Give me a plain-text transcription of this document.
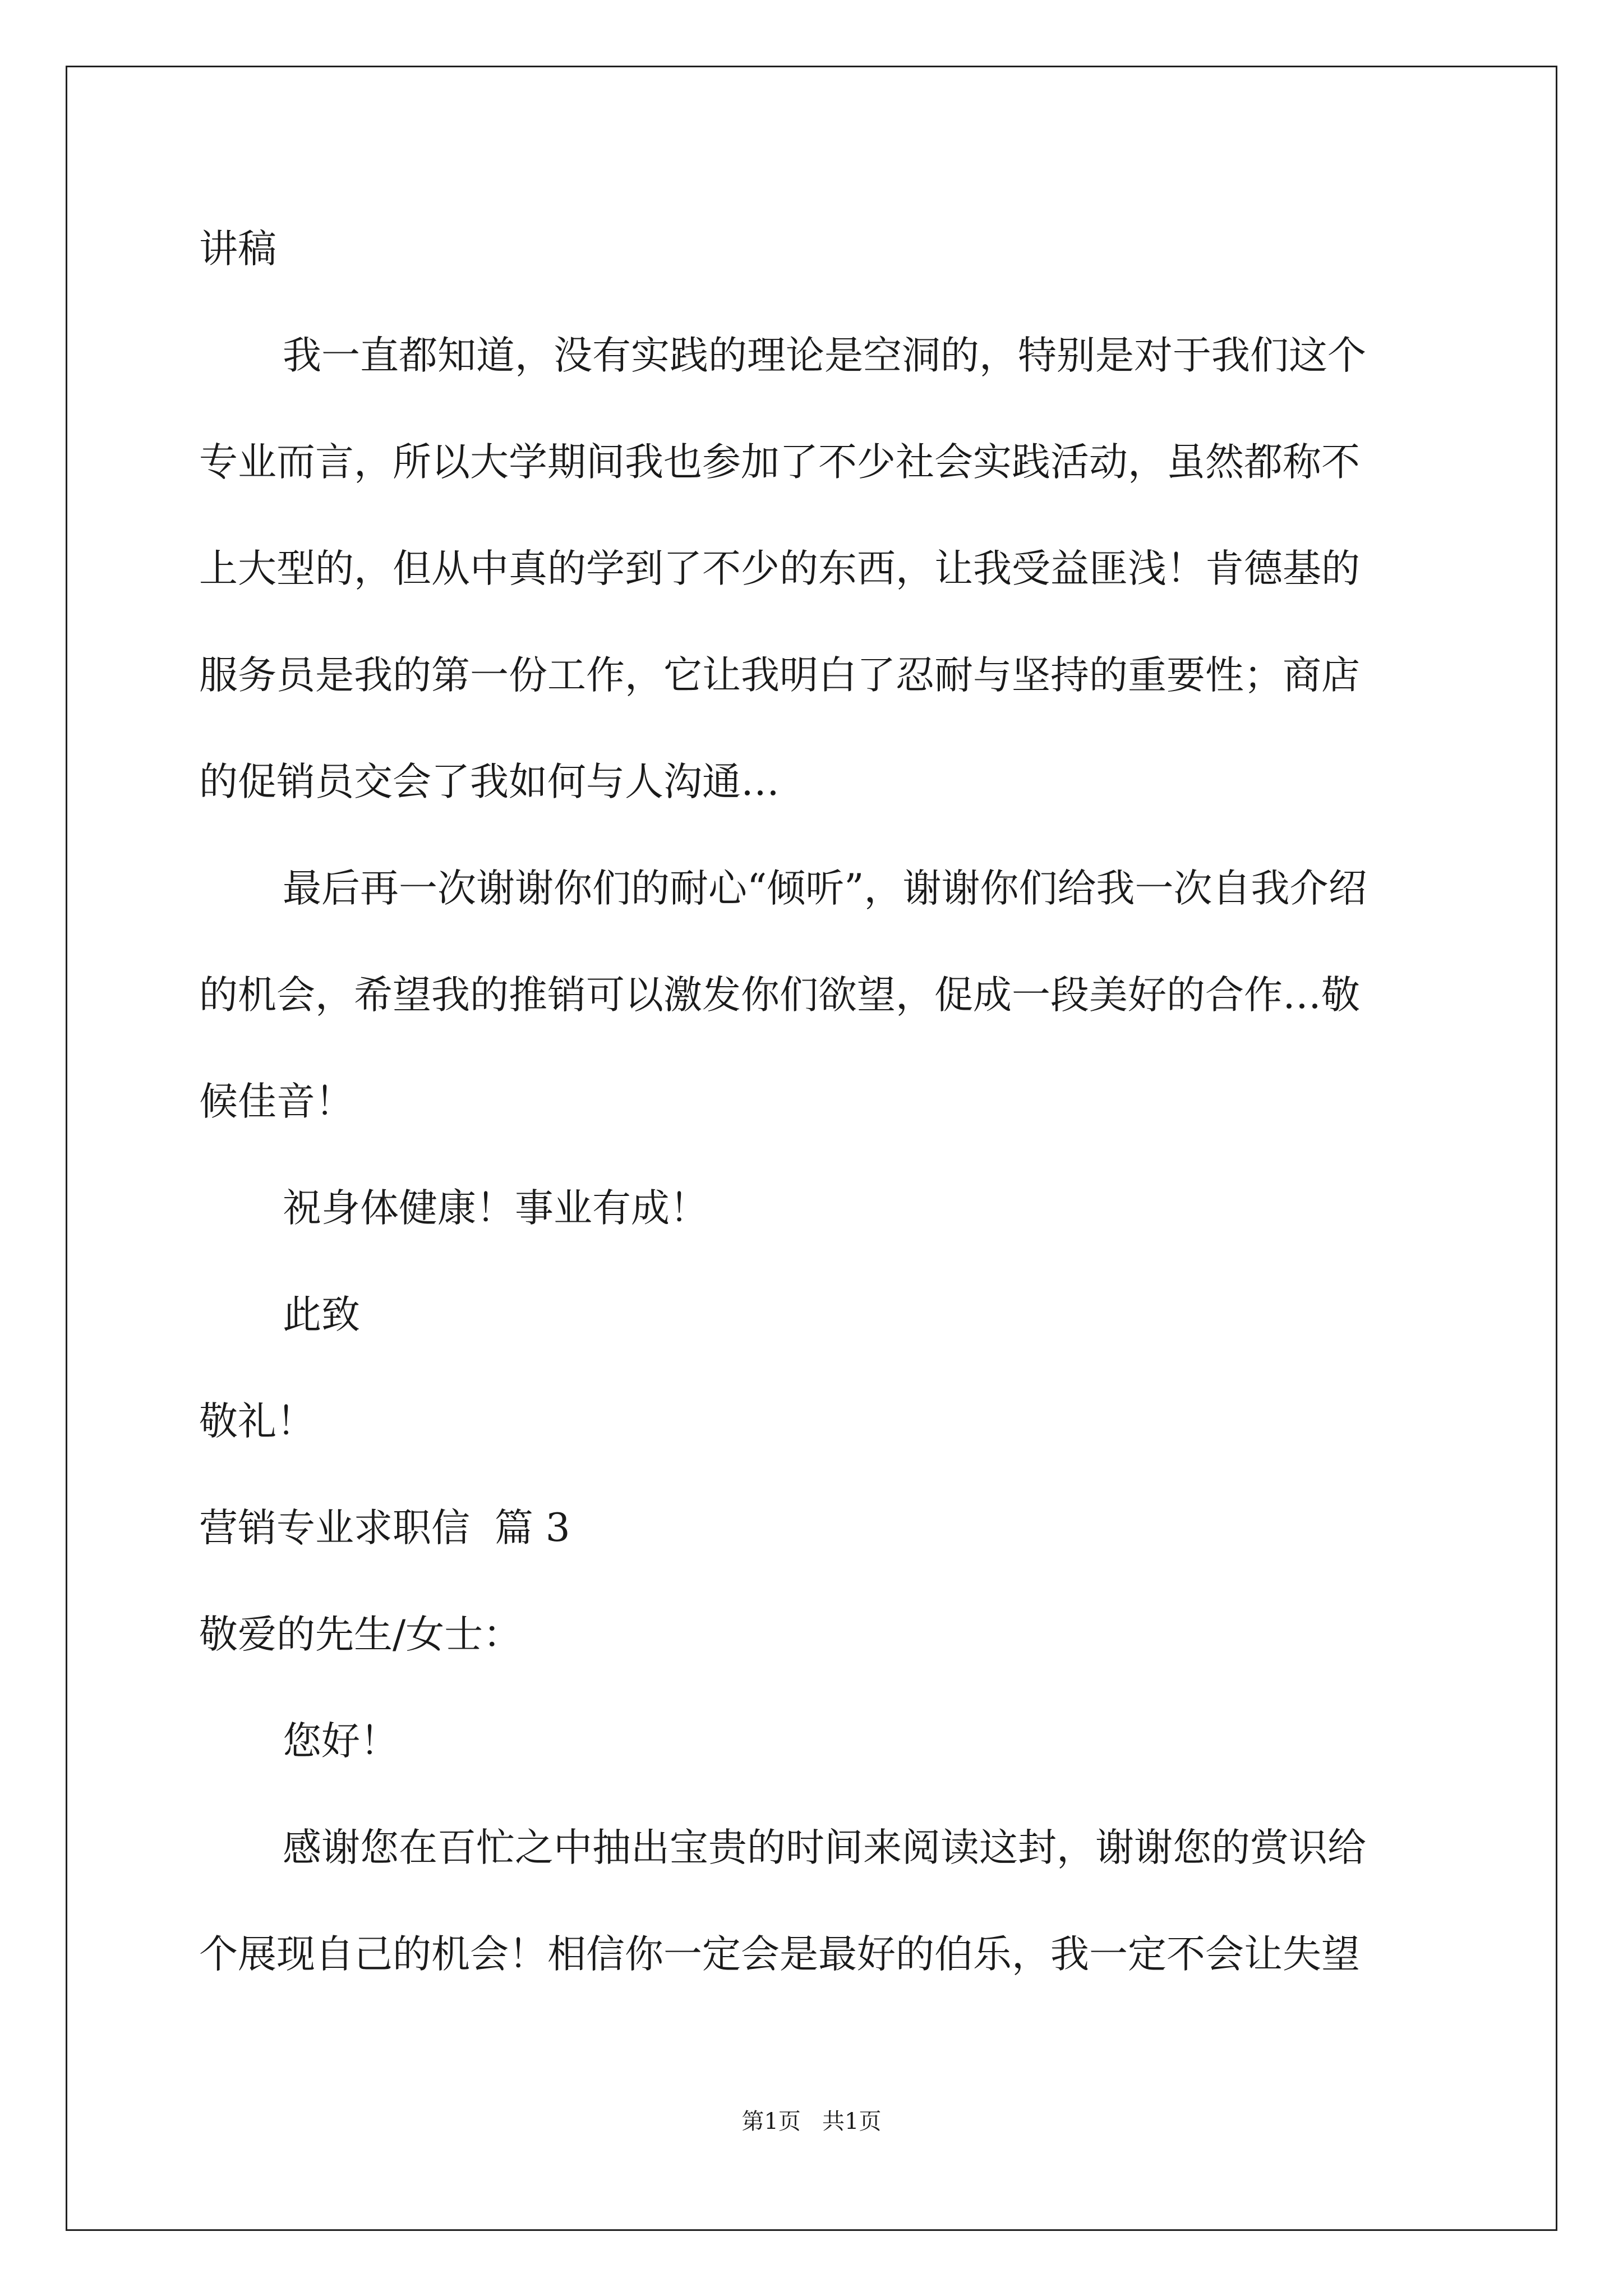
讲稿
我一直都知道，没有实践的理论是空洞的，特别是对于我们这个
专业而言，所以大学期间我也参加了不少社会实践活动，虽然都称不
上大型的，但从中真的学到了不少的东西，让我受益匪浅！肯德基的
服务员是我的第一份工作，它让我明白了忍耐与坚持的重要性；商店
的促销员交会了我如何与人沟通…
最后再一次谢谢你们的耐心“倾听”，谢谢你们给我一次自我介绍
的机会，希望我的推销可以激发你们欲望，促成一段美好的合作…敬
候佳音！
祝身体健康！事业有成！
此致
敬礼！
营销专业求职信  篇 3
敬爱的先生/女士：
您好！
感谢您在百忙之中抽出宝贵的时间来阅读这封，谢谢您的赏识给
个展现自己的机会！相信你一定会是最好的伯乐，我一定不会让失望
第1页   共1页
